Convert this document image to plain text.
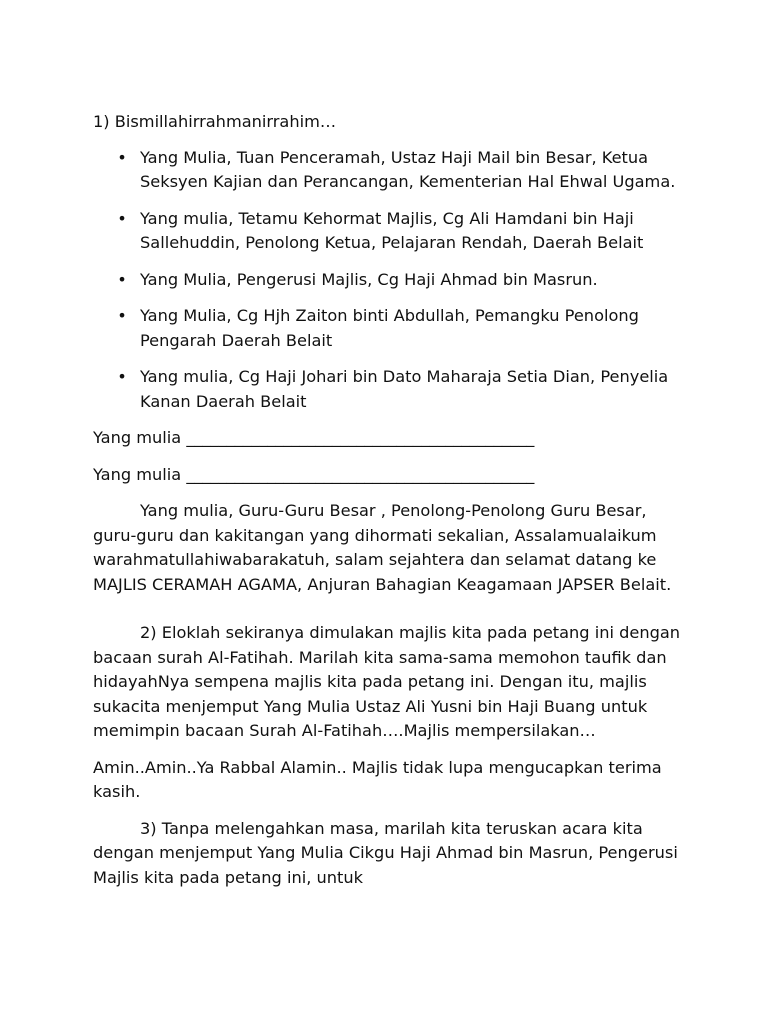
1) Bismillahirrahmanirrahim…

• Yang Mulia, Tuan Penceramah, Ustaz Haji Mail bin Besar, Ketua Seksyen Kajian dan Perancangan, Kementerian Hal Ehwal Ugama.
• Yang mulia, Tetamu Kehormat Majlis, Cg Ali Hamdani bin Haji Sallehuddin, Penolong Ketua, Pelajaran Rendah, Daerah Belait
• Yang Mulia, Pengerusi Majlis, Cg Haji Ahmad bin Masrun.
• Yang Mulia, Cg Hjh Zaiton binti Abdullah, Pemangku Penolong Pengarah Daerah Belait
• Yang mulia, Cg Haji Johari bin Dato Maharaja Setia Dian, Penyelia Kanan Daerah Belait

Yang mulia ___________________________________________

Yang mulia ___________________________________________

Yang mulia, Guru-Guru Besar , Penolong-Penolong Guru Besar, guru-guru dan kakitangan yang dihormati sekalian, Assalamualaikum warahmatullahiwabarakatuh, salam sejahtera dan selamat datang ke MAJLIS CERAMAH AGAMA, Anjuran Bahagian Keagamaan JAPSER Belait.

2) Eloklah sekiranya dimulakan majlis kita pada petang ini dengan bacaan surah Al-Fatihah. Marilah kita sama-sama memohon taufik dan hidayahNya sempena majlis kita pada petang ini. Dengan itu, majlis sukacita menjemput Yang Mulia Ustaz Ali Yusni bin Haji Buang untuk memimpin bacaan Surah Al-Fatihah….Majlis mempersilakan…

Amin..Amin..Ya Rabbal Alamin.. Majlis tidak lupa mengucapkan terima kasih.

3) Tanpa melengahkan masa, marilah kita teruskan acara kita dengan menjemput Yang Mulia Cikgu Haji Ahmad bin Masrun, Pengerusi Majlis kita pada petang ini, untuk
